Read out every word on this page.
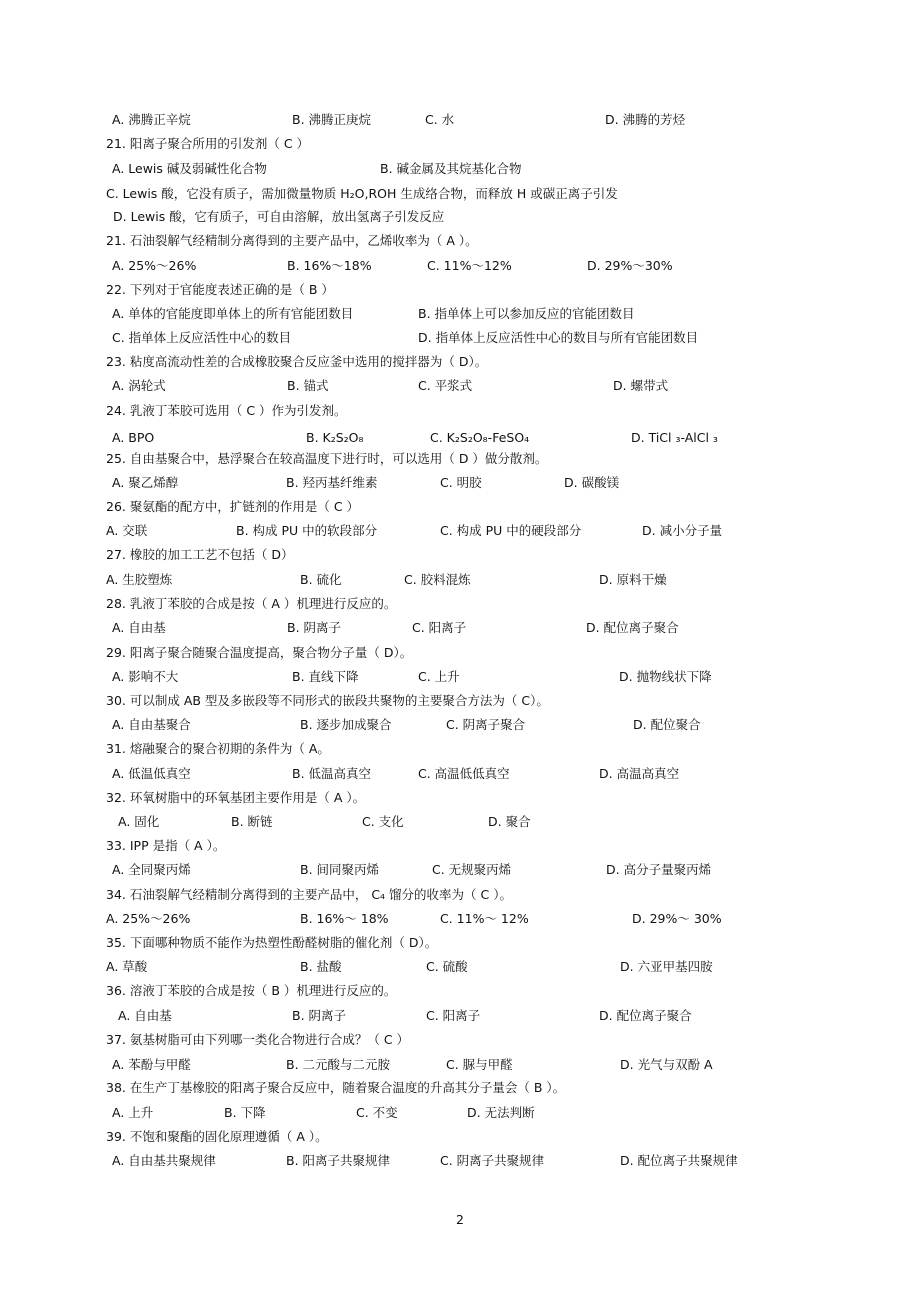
A. 沸腾正辛烷	B. 沸腾正庚烷	C. 水	D. 沸腾的芳烃
21. 阳离子聚合所用的引发剂（ C ）
A. Lewis 碱及弱碱性化合物	B. 碱金属及其烷基化合物
C. Lewis 酸，它没有质子，需加微量物质 H₂O,ROH 生成络合物，而释放 H 或碳正离子引发
D. Lewis 酸，它有质子，可自由溶解，放出氢离子引发反应
21. 石油裂解气经精制分离得到的主要产品中，乙烯收率为（ A ）。
A. 25%～26%	B. 16%～18%	C. 11%～12%	D. 29%～30%
22. 下列对于官能度表述正确的是（ B ）
A. 单体的官能度即单体上的所有官能团数目	B. 指单体上可以参加反应的官能团数目
C. 指单体上反应活性中心的数目	D. 指单体上反应活性中心的数目与所有官能团数目
23. 粘度高流动性差的合成橡胶聚合反应釜中选用的搅拌器为（ D）。
A. 涡轮式	B. 锚式	C. 平浆式	D. 螺带式
24. 乳液丁苯胶可选用（ C ）作为引发剂。
A. BPO	B. K₂S₂O₈	C. K₂S₂O₈-FeSO₄	D. TiCl ₃-AlCl ₃
25. 自由基聚合中，悬浮聚合在较高温度下进行时，可以选用（ D ）做分散剂。
A. 聚乙烯醇	B. 羟丙基纤维素	C. 明胶	D. 碳酸镁
26. 聚氨酯的配方中，扩链剂的作用是（ C ）
A. 交联	B. 构成 PU 中的软段部分	C. 构成 PU 中的硬段部分	D. 减小分子量
27. 橡胶的加工工艺不包括（ D）
A. 生胶塑炼	B. 硫化	C. 胶料混炼	D. 原料干燥
28. 乳液丁苯胶的合成是按（ A ）机理进行反应的。
A. 自由基	B. 阴离子	C. 阳离子	D. 配位离子聚合
29. 阳离子聚合随聚合温度提高，聚合物分子量（ D）。
A. 影响不大	B. 直线下降	C. 上升	D. 抛物线状下降
30. 可以制成 AB 型及多嵌段等不同形式的嵌段共聚物的主要聚合方法为（ C）。
A. 自由基聚合	B. 逐步加成聚合	C. 阴离子聚合	D. 配位聚合
31. 熔融聚合的聚合初期的条件为（ A。
A. 低温低真空	B. 低温高真空	C. 高温低低真空	D. 高温高真空
32. 环氧树脂中的环氧基团主要作用是（ A ）。
A. 固化	B. 断链	C. 支化	D. 聚合
33. IPP 是指（ A ）。
A. 全同聚丙烯	B. 间同聚丙烯	C. 无规聚丙烯	D. 高分子量聚丙烯
34. 石油裂解气经精制分离得到的主要产品中， C₄ 馏分的收率为（ C ）。
A. 25%～26%	B. 16%～ 18%	C. 11%～ 12%	D. 29%～ 30%
35. 下面哪种物质不能作为热塑性酚醛树脂的催化剂（ D）。
A. 草酸	B. 盐酸	C. 硫酸	D. 六亚甲基四胺
36. 溶液丁苯胶的合成是按（ B ）机理进行反应的。
A. 自由基	B. 阴离子	C. 阳离子	D. 配位离子聚合
37. 氨基树脂可由下列哪一类化合物进行合成？（ C ）
A. 苯酚与甲醛	B. 二元酸与二元胺	C. 脲与甲醛	D. 光气与双酚 A
38. 在生产丁基橡胶的阳离子聚合反应中，随着聚合温度的升高其分子量会（ B ）。
A. 上升	B. 下降	C. 不变	D. 无法判断
39. 不饱和聚酯的固化原理遵循（ A ）。
A. 自由基共聚规律	B. 阳离子共聚规律	C. 阴离子共聚规律	D. 配位离子共聚规律
2
